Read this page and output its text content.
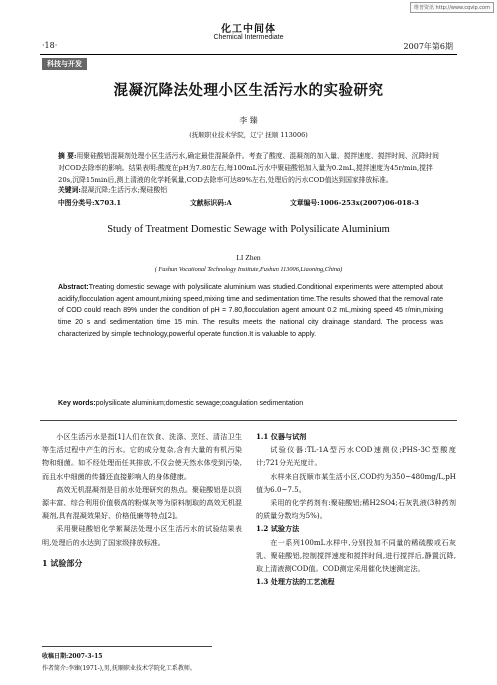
维普资讯 http://www.cqvip.com
化工中间体
Chemical Intermediate
·18·	2007年第6期
科技与开发
混凝沉降法处理小区生活污水的实验研究
李 臻
(抚顺职业技术学院，辽宁 抚顺 113006)
摘 要:用聚硅酸铝混凝剂处理小区生活污水,确定最佳混凝条件。考查了酸度、混凝剂的加入量、搅拌速度、搅拌时间、沉降时间对COD去除率的影响。结果表明:酸度在pH为7.80左右,每100mL污水中聚硅酸铝加入量为0.2mL,搅拌速度为45r/min,搅拌20s,沉降15min后,测上清液的化学耗氧量,COD去除率可达89%左右,处理后的污水COD值达到国家排放标准。
关键词:混凝沉降;生活污水;聚硅酸铝
中图分类号:X703.1	文献标识码:A	文章编号:1006-253x(2007)06-018-3
Study of Treatment Domestic Sewage with Polysilicate Aluminium
LI Zhen
( Fushun Vocational Technology Institute,Fushun 113006,Liaoning,China)
Abstract:Treating domestic sewage with polysilicate aluminium was studied.Conditional experiments were attempted about acidify,flocculation agent amount,mixing speed,mixing time and sedimentation time.The results showed that the removal rate of COD could reach 89% under the condition of pH = 7.80,flocculation agent amount 0.2 mL,mixing speed 45 r/min,mixing time 20 s and sedimentation time 15 min. The results meets the national city drainage standard. The process was characterized by simple technology,powerful operate function.It is valuable to apply.
Key words:polysilicate aluminium;domestic sewage;coagulation sedimentation
小区生活污水是指[1]人们在饮食、洗涤、烹饪、清洁卫生等生活过程中产生的污水。它的成分复杂,含有大量的有机污染物和细菌。如不经处理而任其排放,不仅会使天然水体受到污染,而且水中细菌的传播还直接影响人的身体健康。
高效无机混凝剂是目前水处理研究的热点。聚硅酸铝是以资源丰富、综合利用价值极高的粉煤灰等为原料制取的高效无机混凝剂,具有混凝效果好、价格低廉等特点[2]。
采用聚硅酸铝化学絮凝法处理小区生活污水的试验结果表明,处理后的水达到了国家级排放标准。
1 试验部分
1.1 仪器与试剂
试验仪器:TL-1A型污水COD速测仪;PHS-3C型酸度计;721分光光度计。
水样来自抚顺市某生活小区,COD约为350~480mg/L,pH值为6.0~7.5。
采用的化学药剂有:聚硅酸铝;稀H2SO4;石灰乳液(3种药剂的质量分数均为5%)。
1.2 试验方法
在一系列100mL水样中,分别投加不同量的稀硫酸或石灰乳、聚硅酸铝,控制搅拌速度和搅拌时间,进行搅拌后,静置沉降,取上清液测COD值。COD测定采用催化快速测定法。
1.3 处理方法的工艺流程
收稿日期:2007-3-15
作者简介:李臻(1971-),男,抚顺职业技术学院化工系教师。
